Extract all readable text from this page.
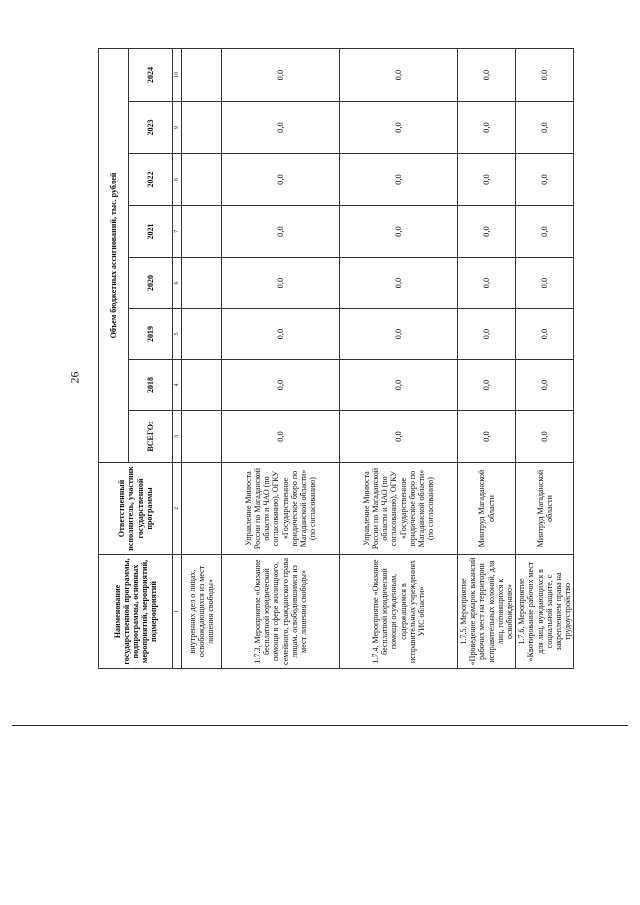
26
Наименование государственной программы, подпрограммы, основных мероприятий, мероприятий, подмероприятий	Ответственный исполнитель, участник государственной программы	Объем бюджетных ассигнований, тыс. рублей							
		ВСЕГО:	2018	2019	2020	2021	2022	2023	2024
1	2	3	4	5	6	7	8	9	10
внутренних дел о лицах, освобождающихся из мест лишения свободы»									
1.7.3. Мероприятие «Оказание бесплатной юридической помощи в сфере жилищного, семейного, гражданского права лицам, освободившимся из мест лишения свободы»	Управление Минюста России по Магаданской области и ЧАО (по согласованию), ОГКУ «Государственное юридическое бюро по Магаданской области» (по согласованию)	0,0	0,0	0,0	0,0	0,0	0,0	0,0	0,0
1.7.4. Мероприятие «Оказание бесплатной юридической помощи осужденным, содержащимся в исправительных учреждениях УИС области»	Управление Минюста России по Магаданской области и ЧАО (по согласованию), ОГКУ «Государственное юридическое бюро по Магаданской области» (по согласованию)	0,0	0,0	0,0	0,0	0,0	0,0	0,0	0,0
1.7.5. Мероприятие «Проведение ярмарок вакансий рабочих мест на территории исправительных колоний, для лиц, готовящихся к освобождению»	Минтруд Магаданской области	0,0	0,0	0,0	0,0	0,0	0,0	0,0	0,0
1.7.6. Мероприятие «Квотирование рабочих мест для лиц, нуждающихся в социальной защите, с закреплением права на трудоустройство	Минтруд Магаданской области	0,0	0,0	0,0	0,0	0,0	0,0	0,0	0,0
